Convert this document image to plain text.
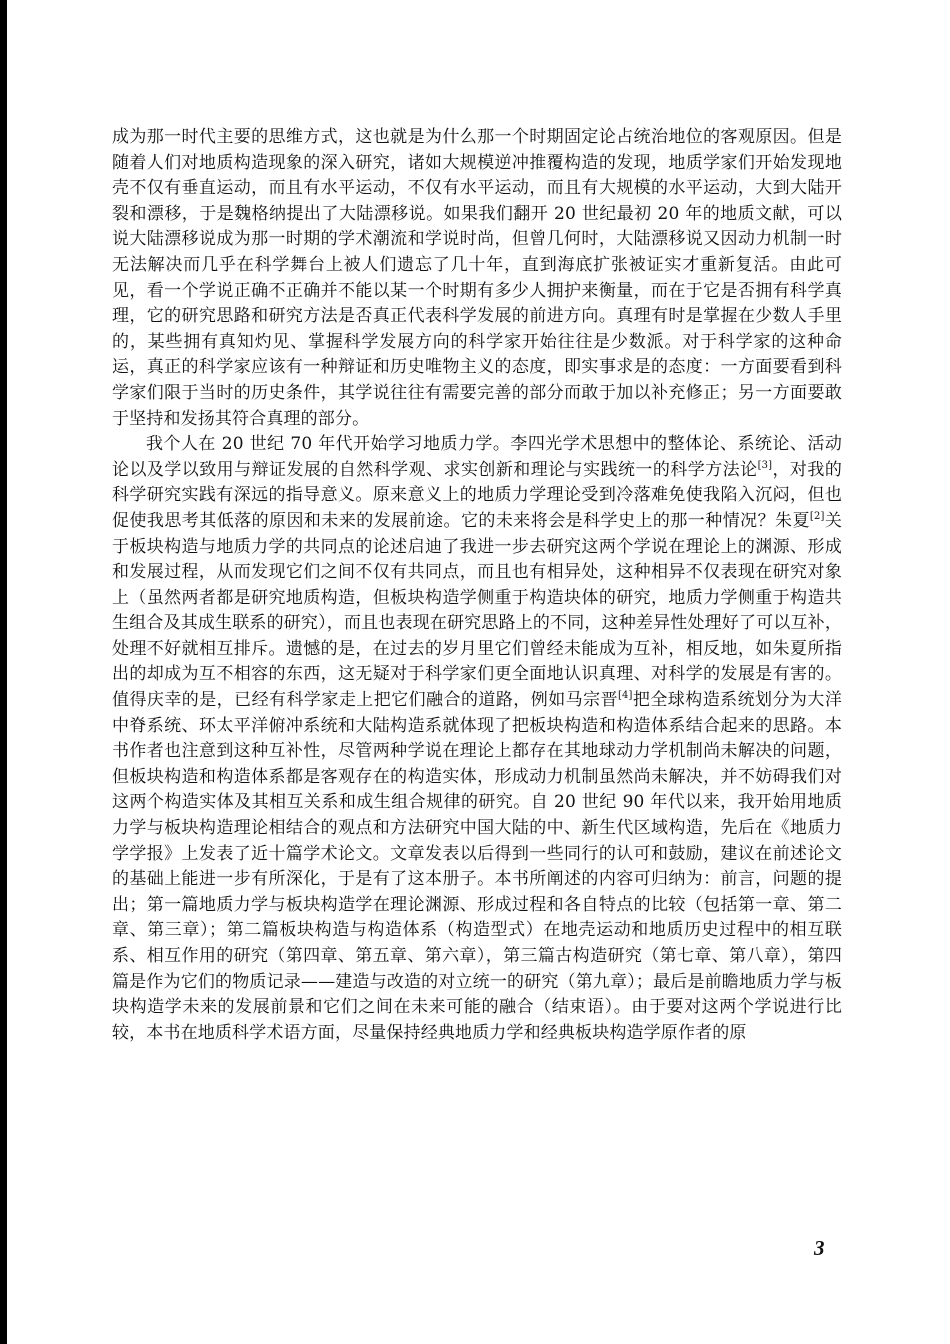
成为那一时代主要的思维方式，这也就是为什么那一个时期固定论占统治地位的客观原因。但是随着人们对地质构造现象的深入研究，诸如大规模逆冲推覆构造的发现，地质学家们开始发现地壳不仅有垂直运动，而且有水平运动，不仅有水平运动，而且有大规模的水平运动，大到大陆开裂和漂移，于是魏格纳提出了大陆漂移说。如果我们翻开 20 世纪最初 20 年的地质文献，可以说大陆漂移说成为那一时期的学术潮流和学说时尚，但曾几何时，大陆漂移说又因动力机制一时无法解决而几乎在科学舞台上被人们遗忘了几十年，直到海底扩张被证实才重新复活。由此可见，看一个学说正确不正确并不能以某一个时期有多少人拥护来衡量，而在于它是否拥有科学真理，它的研究思路和研究方法是否真正代表科学发展的前进方向。真理有时是掌握在少数人手里的，某些拥有真知灼见、掌握科学发展方向的科学家开始往往是少数派。对于科学家的这种命运，真正的科学家应该有一种辩证和历史唯物主义的态度，即实事求是的态度：一方面要看到科学家们限于当时的历史条件，其学说往往有需要完善的部分而敢于加以补充修正；另一方面要敢于坚持和发扬其符合真理的部分。

我个人在 20 世纪 70 年代开始学习地质力学。李四光学术思想中的整体论、系统论、活动论以及学以致用与辩证发展的自然科学观、求实创新和理论与实践统一的科学方法论[3]，对我的科学研究实践有深远的指导意义。原来意义上的地质力学理论受到冷落难免使我陷入沉闷，但也促使我思考其低落的原因和未来的发展前途。它的未来将会是科学史上的那一种情况？朱夏[2]关于板块构造与地质力学的共同点的论述启迪了我进一步去研究这两个学说在理论上的渊源、形成和发展过程，从而发现它们之间不仅有共同点，而且也有相异处，这种相异不仅表现在研究对象上（虽然两者都是研究地质构造，但板块构造学侧重于构造块体的研究，地质力学侧重于构造共生组合及其成生联系的研究），而且也表现在研究思路上的不同，这种差异性处理好了可以互补，处理不好就相互排斥。遗憾的是，在过去的岁月里它们曾经未能成为互补，相反地，如朱夏所指出的却成为互不相容的东西，这无疑对于科学家们更全面地认识真理、对科学的发展是有害的。值得庆幸的是，已经有科学家走上把它们融合的道路，例如马宗晋[4]把全球构造系统划分为大洋中脊系统、环太平洋俯冲系统和大陆构造系就体现了把板块构造和构造体系结合起来的思路。本书作者也注意到这种互补性，尽管两种学说在理论上都存在其地球动力学机制尚未解决的问题，但板块构造和构造体系都是客观存在的构造实体，形成动力机制虽然尚未解决，并不妨碍我们对这两个构造实体及其相互关系和成生组合规律的研究。自 20 世纪 90 年代以来，我开始用地质力学与板块构造理论相结合的观点和方法研究中国大陆的中、新生代区域构造，先后在《地质力学学报》上发表了近十篇学术论文。文章发表以后得到一些同行的认可和鼓励，建议在前述论文的基础上能进一步有所深化，于是有了这本册子。本书所阐述的内容可归纳为：前言，问题的提出；第一篇地质力学与板块构造学在理论渊源、形成过程和各自特点的比较（包括第一章、第二章、第三章）；第二篇板块构造与构造体系（构造型式）在地壳运动和地质历史过程中的相互联系、相互作用的研究（第四章、第五章、第六章），第三篇古构造研究（第七章、第八章），第四篇是作为它们的物质记录——建造与改造的对立统一的研究（第九章）；最后是前瞻地质力学与板块构造学未来的发展前景和它们之间在未来可能的融合（结束语）。由于要对这两个学说进行比较，本书在地质科学术语方面，尽量保持经典地质力学和经典板块构造学原作者的原

3
